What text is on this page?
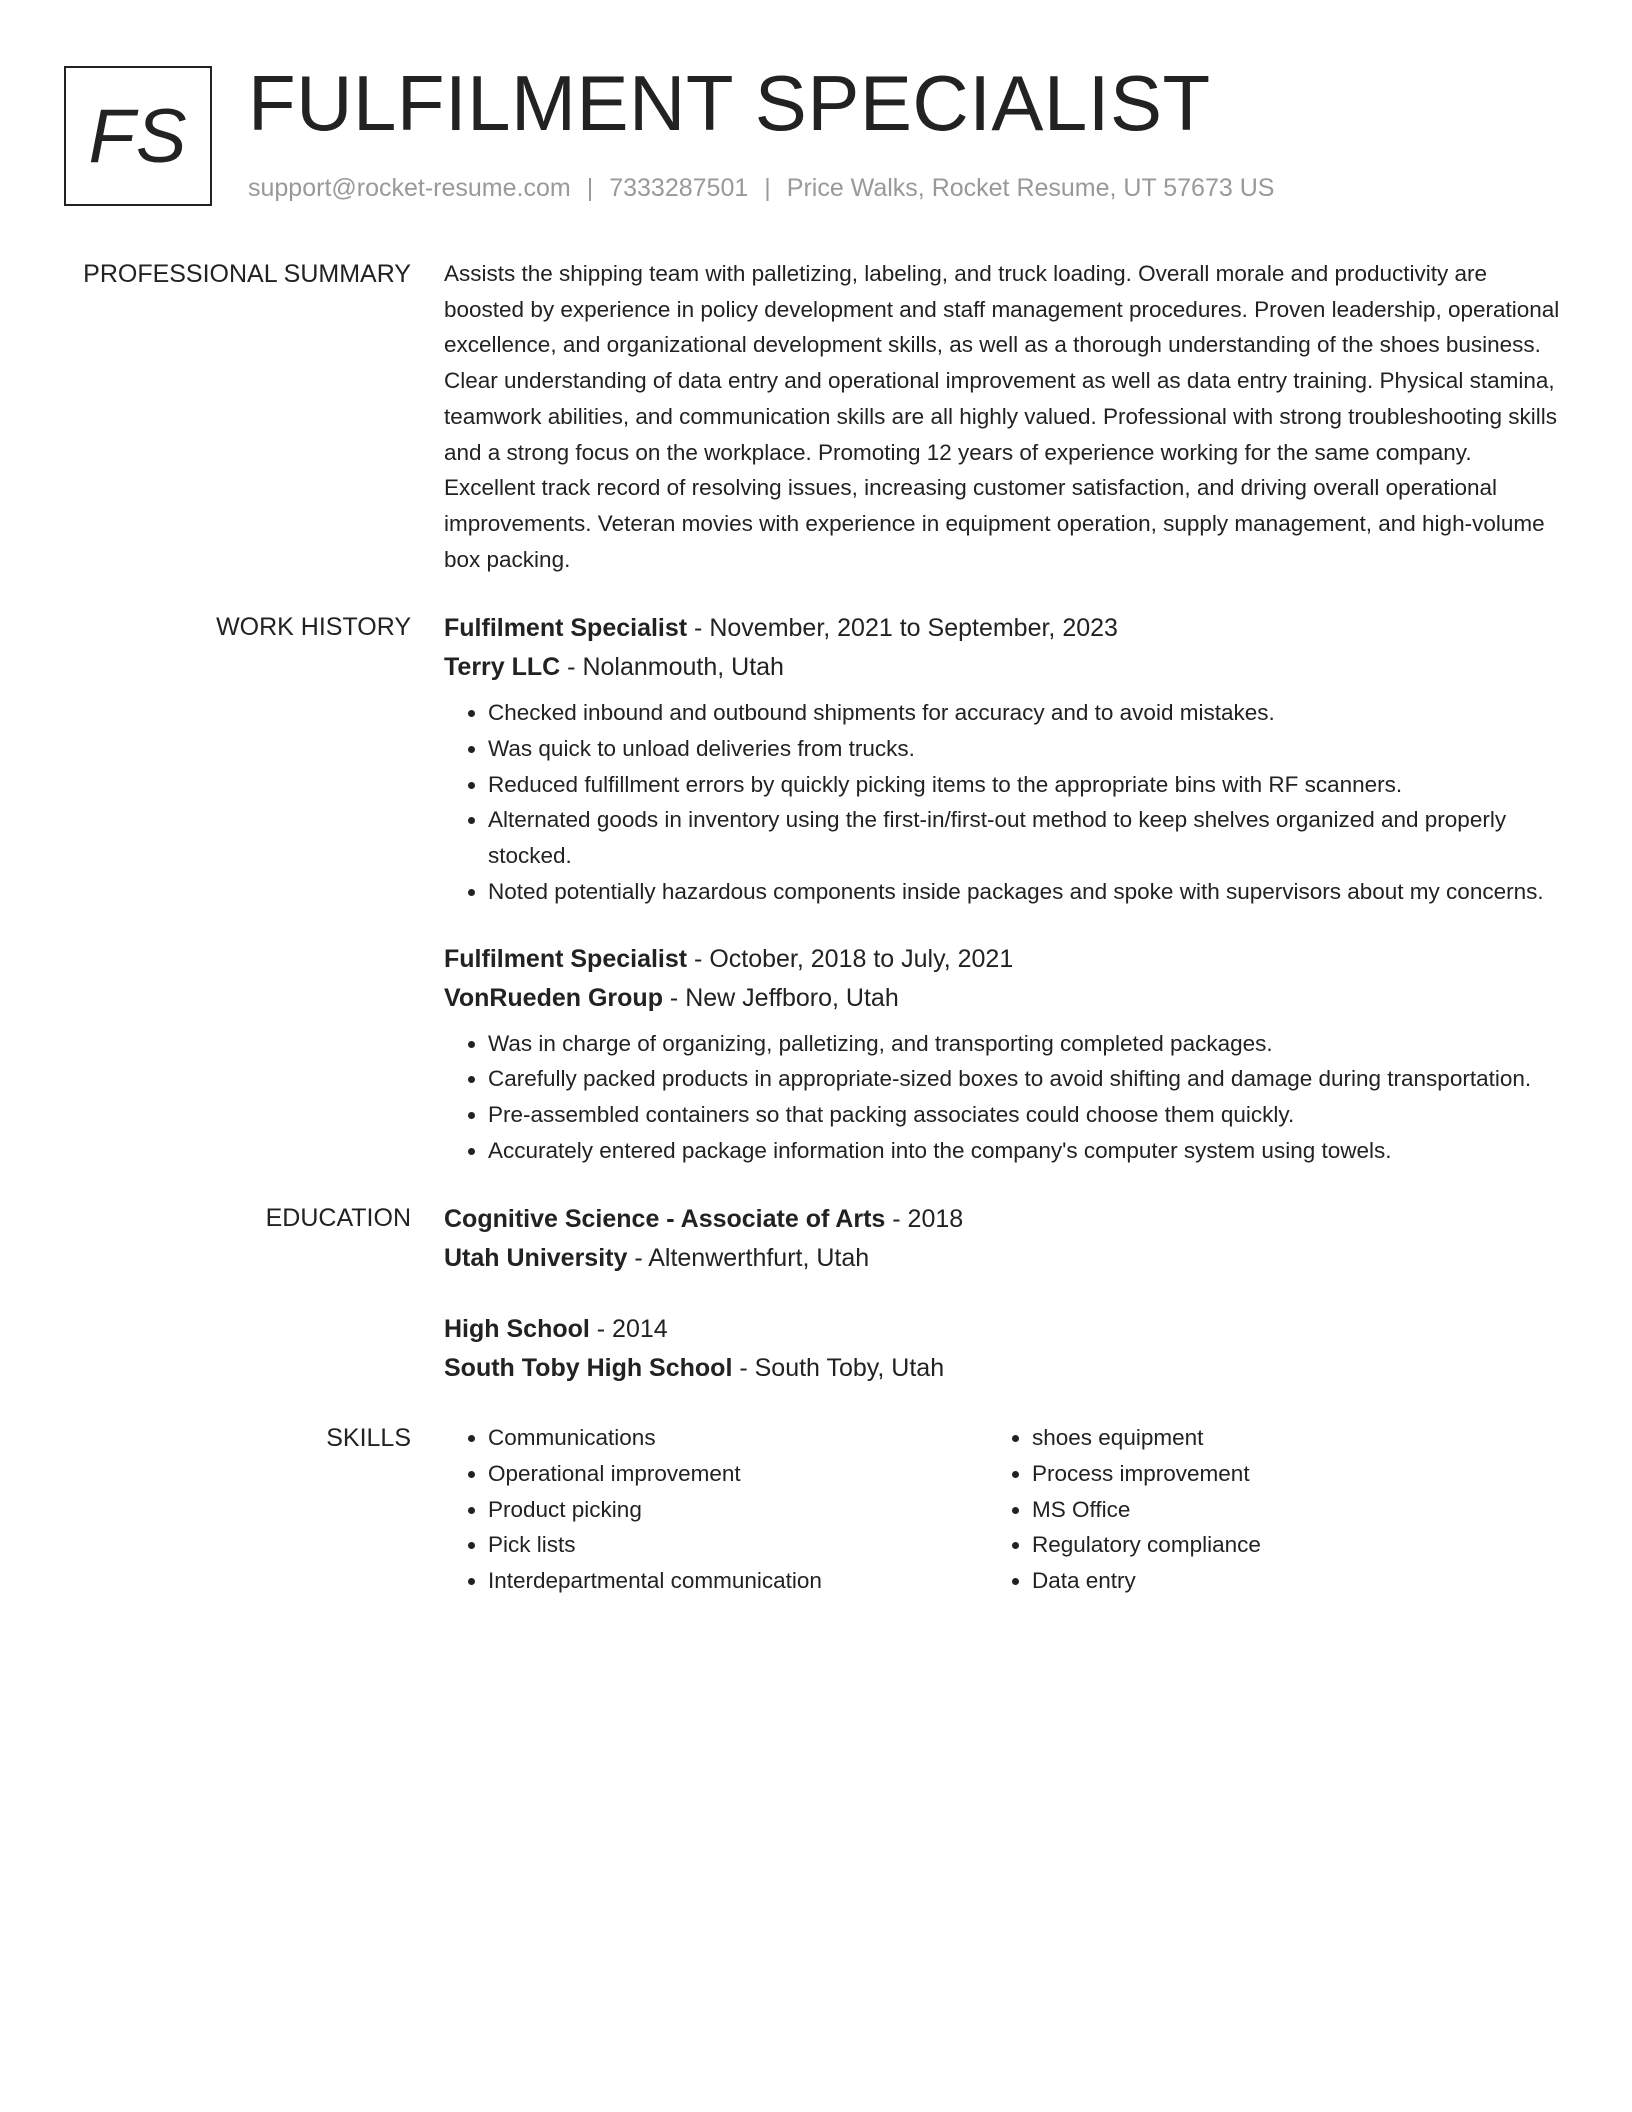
FS FULFILMENT SPECIALIST
support@rocket-resume.com | 7333287501 | Price Walks, Rocket Resume, UT 57673 US
PROFESSIONAL SUMMARY Assists the shipping team with palletizing, labeling, and truck loading. Overall morale and productivity are boosted by experience in policy development and staff management procedures. Proven leadership, operational excellence, and organizational development skills, as well as a thorough understanding of the shoes business. Clear understanding of data entry and operational improvement as well as data entry training. Physical stamina, teamwork abilities, and communication skills are all highly valued. Professional with strong troubleshooting skills and a strong focus on the workplace. Promoting 12 years of experience working for the same company. Excellent track record of resolving issues, increasing customer satisfaction, and driving overall operational improvements. Veteran movies with experience in equipment operation, supply management, and high-volume box packing.

WORK HISTORY Fulfilment Specialist - November, 2021 to September, 2023
Terry LLC - Nolanmouth, Utah
• Checked inbound and outbound shipments for accuracy and to avoid mistakes.
• Was quick to unload deliveries from trucks.
• Reduced fulfillment errors by quickly picking items to the appropriate bins with RF scanners.
• Alternated goods in inventory using the first-in/first-out method to keep shelves organized and properly stocked.
• Noted potentially hazardous components inside packages and spoke with supervisors about my concerns.
Fulfilment Specialist - October, 2018 to July, 2021
VonRueden Group - New Jeffboro, Utah
• Was in charge of organizing, palletizing, and transporting completed packages.
• Carefully packed products in appropriate-sized boxes to avoid shifting and damage during transportation.
• Pre-assembled containers so that packing associates could choose them quickly.
• Accurately entered package information into the company's computer system using towels.
EDUCATION Cognitive Science - Associate of Arts - 2018
Utah University - Altenwerthfurt, Utah
High School - 2014
South Toby High School - South Toby, Utah
SKILLS
•	Communications
• Operational improvement
• Product picking
• Pick lists
• Interdepartmental communication
• shoes equipment
• Process improvement
• MS Office
• Regulatory compliance
• Data entry
